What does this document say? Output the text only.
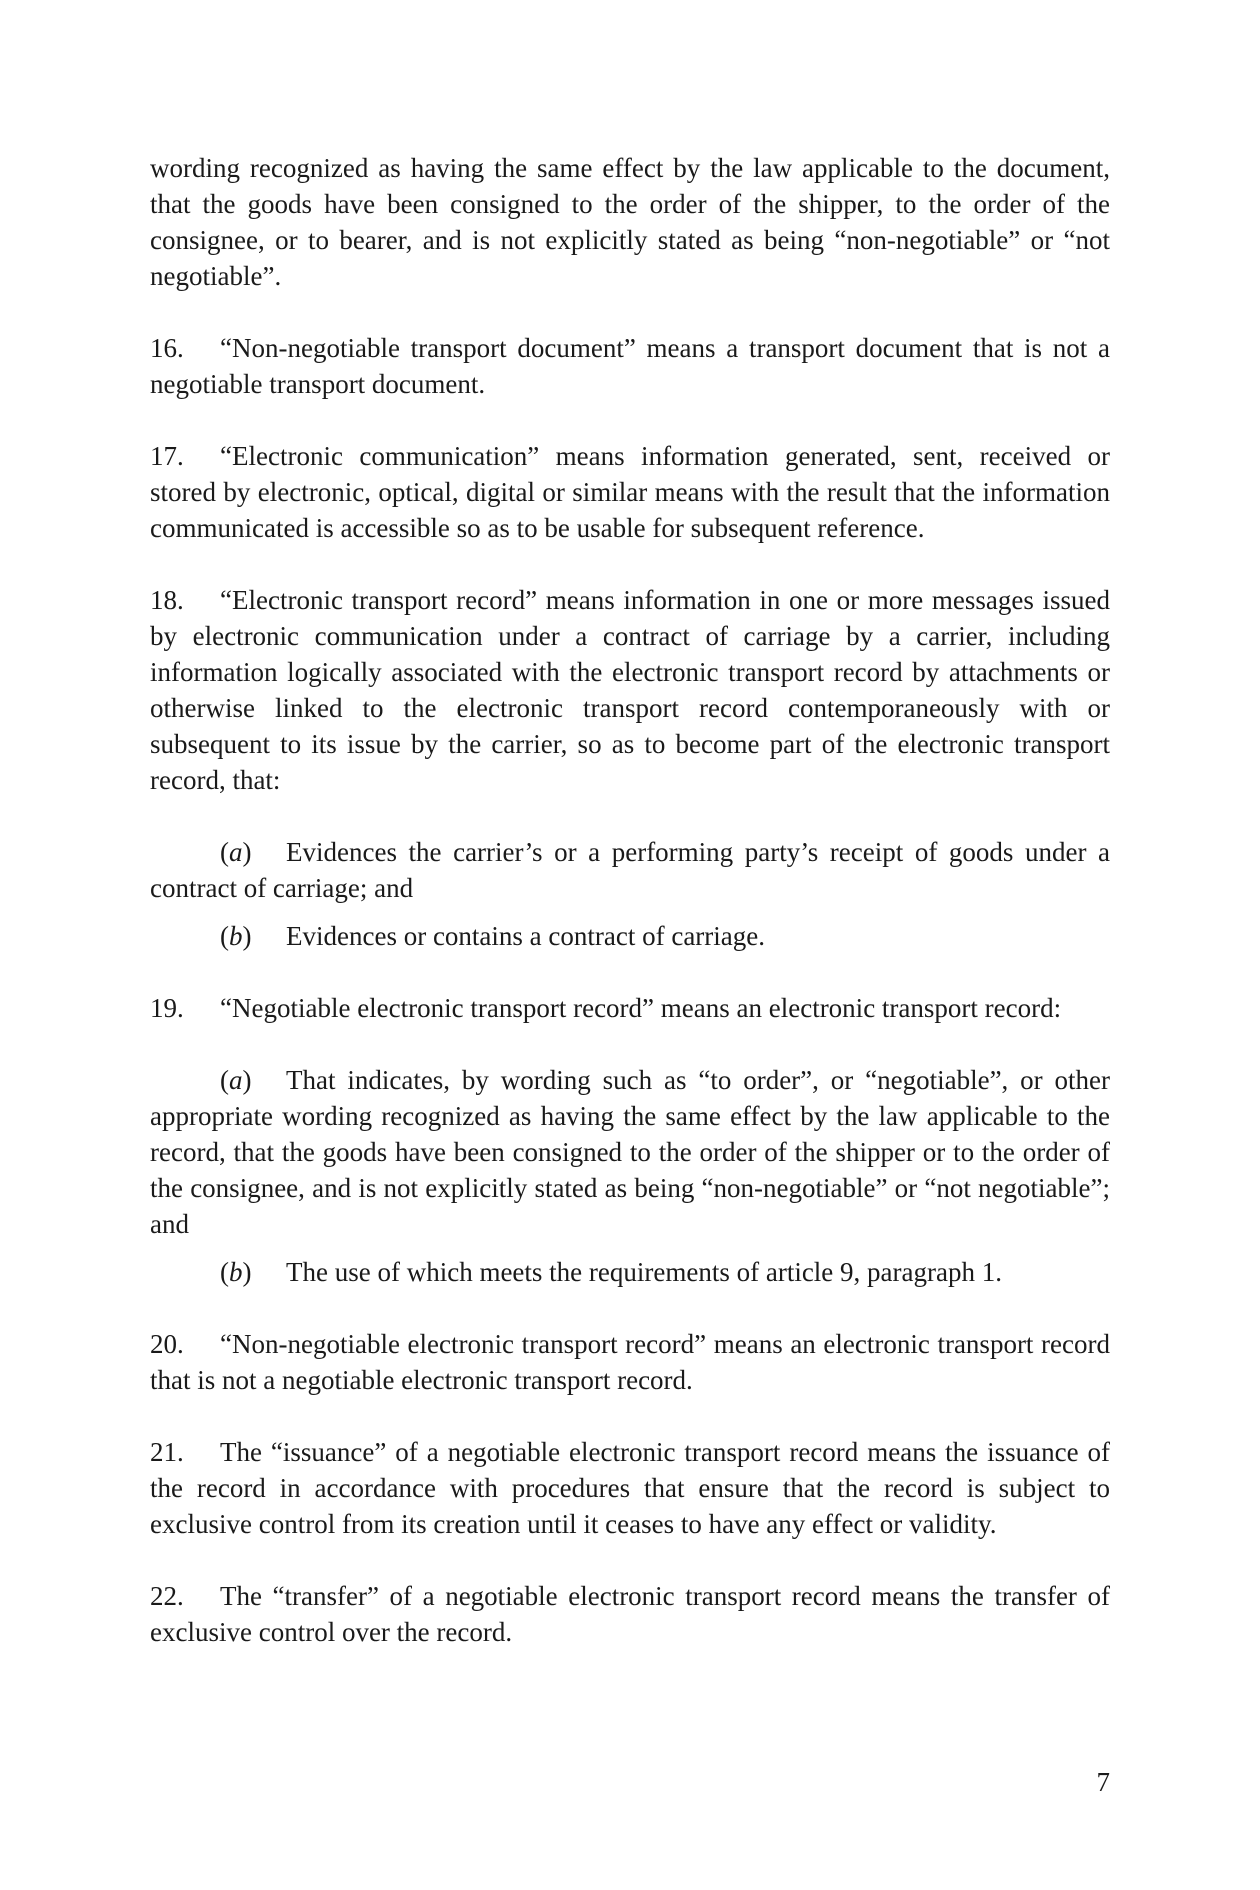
wording recognized as having the same effect by the law applicable to the document, that the goods have been consigned to the order of the shipper, to the order of the consignee, or to bearer, and is not explicitly stated as being “non-negotiable” or “not negotiable”.

16. “Non-negotiable transport document” means a transport document that is not a negotiable transport document.

17. “Electronic communication” means information generated, sent, received or stored by electronic, optical, digital or similar means with the result that the information communicated is accessible so as to be usable for subsequent reference.

18. “Electronic transport record” means information in one or more messages issued by electronic communication under a contract of carriage by a carrier, including information logically associated with the electronic transport record by attachments or otherwise linked to the electronic transport record contemporaneously with or subsequent to its issue by the carrier, so as to become part of the electronic transport record, that:

(a) Evidences the carrier’s or a performing party’s receipt of goods under a contract of carriage; and

(b) Evidences or contains a contract of carriage.

19. “Negotiable electronic transport record” means an electronic transport record:

(a) That indicates, by wording such as “to order”, or “negotiable”, or other appropriate wording recognized as having the same effect by the law applicable to the record, that the goods have been consigned to the order of the shipper or to the order of the consignee, and is not explicitly stated as being “non-negotiable” or “not negotiable”; and

(b) The use of which meets the requirements of article 9, paragraph 1.

20. “Non-negotiable electronic transport record” means an electronic transport record that is not a negotiable electronic transport record.

21. The “issuance” of a negotiable electronic transport record means the issuance of the record in accordance with procedures that ensure that the record is subject to exclusive control from its creation until it ceases to have any effect or validity.

22. The “transfer” of a negotiable electronic transport record means the transfer of exclusive control over the record.

7
